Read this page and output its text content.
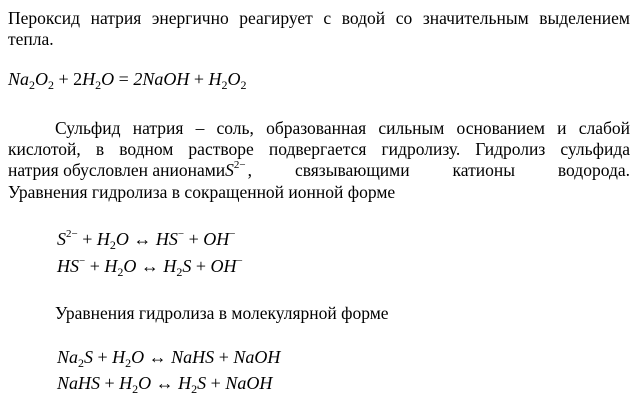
Пероксид натрия энергично реагирует с водой со значительным выделением
тепла.
$Na_2O_2 + 2H_2O$ = 2NaOH + $H_2O_2$
Сульфид натрия – соль, образованная сильным основанием и слабой
кислотой, в водном растворе подвергается гидролизу. Гидролиз сульфида
натрия обусловлен анионами $S^{2-}$ , связывающими катионы водорода.
Уравнения гидролиза в сокращенной ионной форме
$S^{2-} + H_2O$ ↔ HS− + OH−
$HS^- + H_2O$ ↔ $H_2S + OH^-$
Уравнения гидролиза в молекулярной форме
$Na_2S + H_2O$ ↔ NaHS + NaOH
NaHS + $H_2O$ ↔ $H_2S$ + NaOH
